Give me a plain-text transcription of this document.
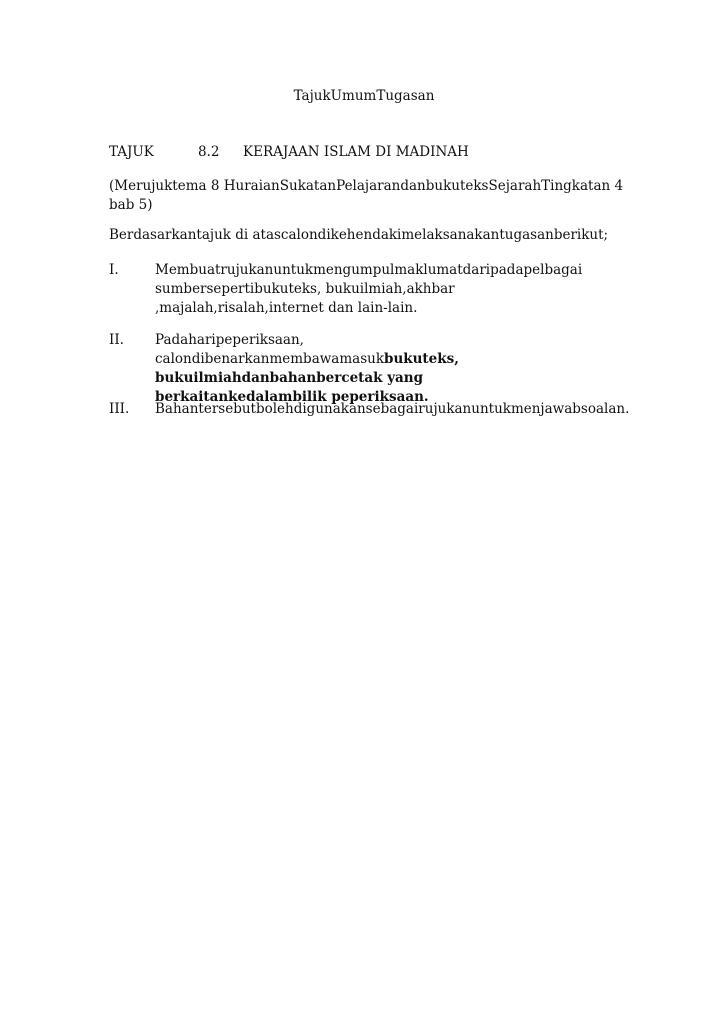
TajukUmumTugasan
TAJUK	8.2 KERAJAAN ISLAM DI MADINAH
(Merujuktema 8 HuraianSukatanPelajarandanbukuteksSejarahTingkatan 4 bab 5)
Berdasarkantajuk di atascalondikehendakimelaksanakantugasanberikut;
I.	Membuatrujukanuntukmengumpulmaklumatdaripadapelbagai sumbersepertibukuteks, bukuilmiah,akhbar ,majalah,risalah,internet dan lain-lain.
II.	Padaharipeperiksaan, calondibenarkanmembawamasukbukuteks, bukuilmiahdanbahanbercetak yang berkaitankedalambilik peperiksaan.
III.	Bahantersebutbolehdigunakansebagairujukanuntukmenjawabsoalan.
